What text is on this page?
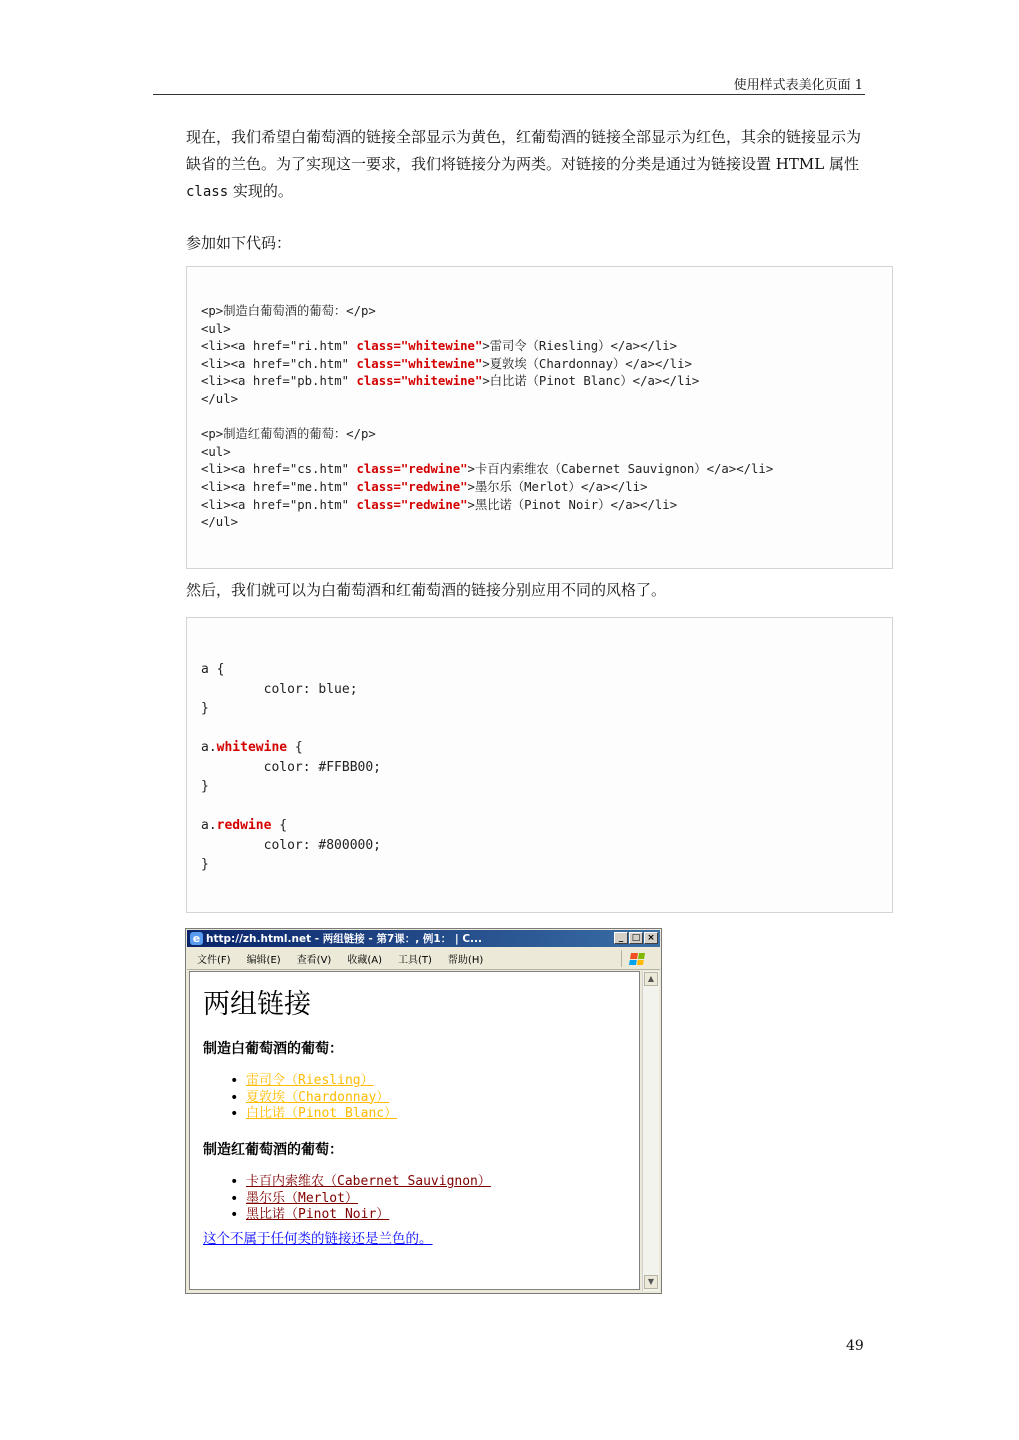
使用样式表美化页面 1

现在，我们希望白葡萄酒的链接全部显示为黄色，红葡萄酒的链接全部显示为红色，其余的链接显示为缺省的兰色。为了实现这一要求，我们将链接分为两类。对链接的分类是通过为链接设置 HTML 属性 class 实现的。

参加如下代码：

<p>制造白葡萄酒的葡萄：</p>
<ul>
<li><a href="ri.htm" class="whitewine">雷司令（Riesling）</a></li>
<li><a href="ch.htm" class="whitewine">夏敦埃（Chardonnay）</a></li>
<li><a href="pb.htm" class="whitewine">白比诺（Pinot Blanc）</a></li>
</ul>

<p>制造红葡萄酒的葡萄：</p>
<ul>
<li><a href="cs.htm" class="redwine">卡百内索维农（Cabernet Sauvignon）</a></li>
<li><a href="me.htm" class="redwine">墨尔乐（Merlot）</a></li>
<li><a href="pn.htm" class="redwine">黑比诺（Pinot Noir）</a></li>
</ul>

然后，我们就可以为白葡萄酒和红葡萄酒的链接分别应用不同的风格了。

a {
color: blue;
}

a.whitewine {
color: #FFBB00;
}

a.redwine {
color: #800000;
}
e http://zh.html.net - 两组链接 - 第7课：, 例1： | C...	_ □ ×
文件(F) 编辑(E) 查看(V) 收藏(A) 工具(T) 帮助(H)
两组链接
制造白葡萄酒的葡萄：
• 雷司令（Riesling）
• 夏敦埃（Chardonnay）
• 白比诺（Pinot Blanc）
制造红葡萄酒的葡萄：
• 卡百内索维农（Cabernet Sauvignon）
• 墨尔乐（Merlot）
• 黑比诺（Pinot Noir）
这个不属于任何类的链接还是兰色的。
▲
▼
49
